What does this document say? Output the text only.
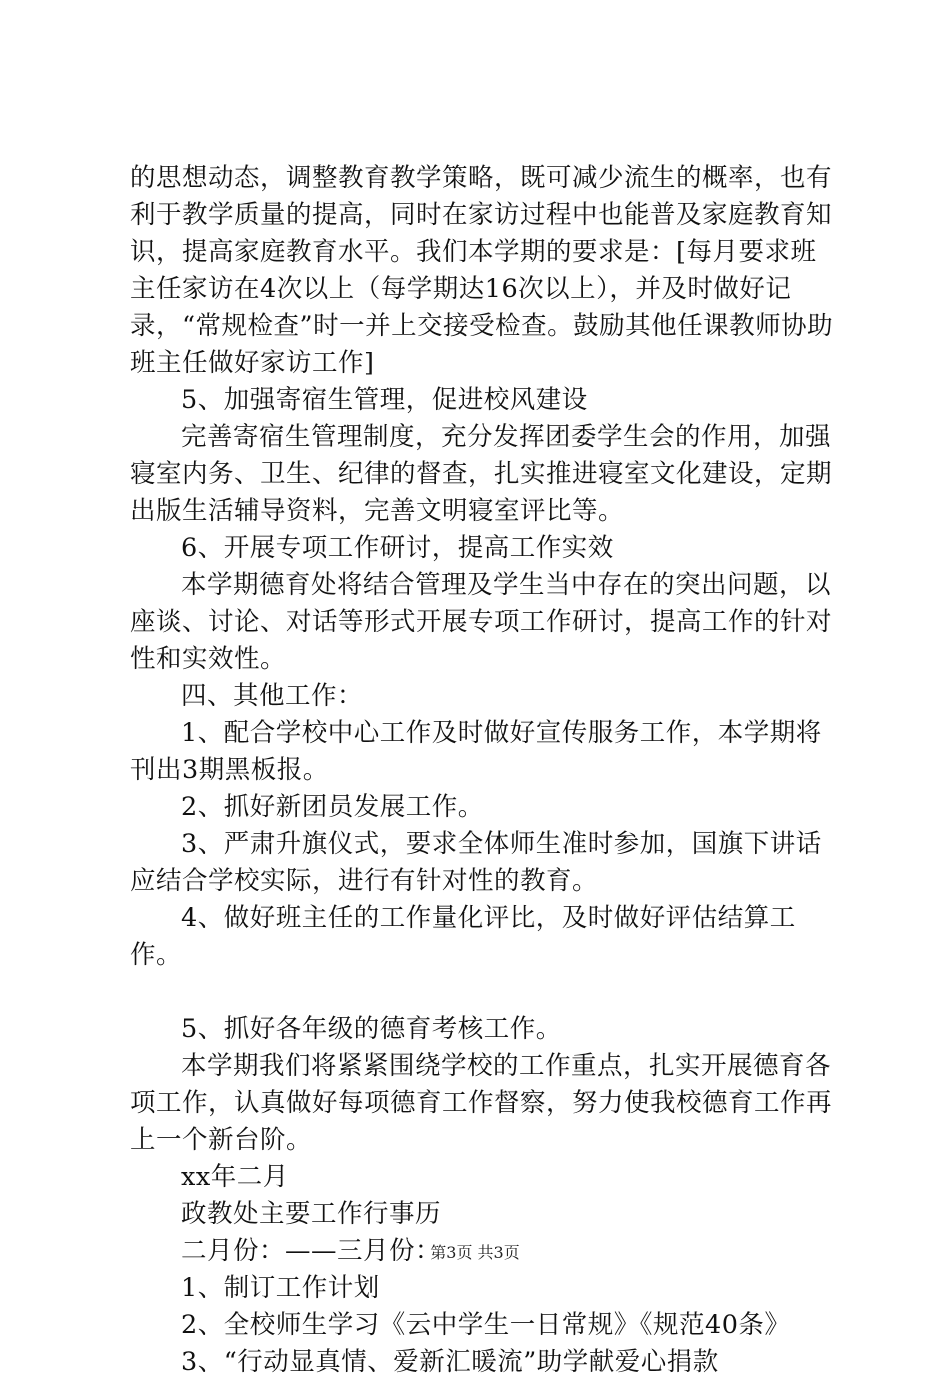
的思想动态，调整教育教学策略，既可减少流生的概率，也有利于教学质量的提高，同时在家访过程中也能普及家庭教育知识，提高家庭教育水平。我们本学期的要求是：[每月要求班主任家访在4次以上（每学期达16次以上），并及时做好记录，“常规检查”时一并上交接受检查。鼓励其他任课教师协助班主任做好家访工作]

5、加强寄宿生管理，促进校风建设

完善寄宿生管理制度，充分发挥团委学生会的作用，加强寝室内务、卫生、纪律的督查，扎实推进寝室文化建设，定期出版生活辅导资料，完善文明寝室评比等。

6、开展专项工作研讨，提高工作实效

本学期德育处将结合管理及学生当中存在的突出问题，以座谈、讨论、对话等形式开展专项工作研讨，提高工作的针对性和实效性。

四、其他工作：

1、配合学校中心工作及时做好宣传服务工作，本学期将刊出3期黑板报。

2、抓好新团员发展工作。

3、严肃升旗仪式，要求全体师生准时参加，国旗下讲话应结合学校实际，进行有针对性的教育。

4、做好班主任的工作量化评比，及时做好评估结算工作。

5、抓好各年级的德育考核工作。

本学期我们将紧紧围绕学校的工作重点，扎实开展德育各项工作，认真做好每项德育工作督察，努力使我校德育工作再上一个新台阶。

xx年二月

政教处主要工作行事历

二月份：——三月份：

1、制订工作计划

2、全校师生学习《云中学生一日常规》《规范40条》

3、“行动显真情、爱新汇暖流”助学献爱心捐款

第3页 共3页
